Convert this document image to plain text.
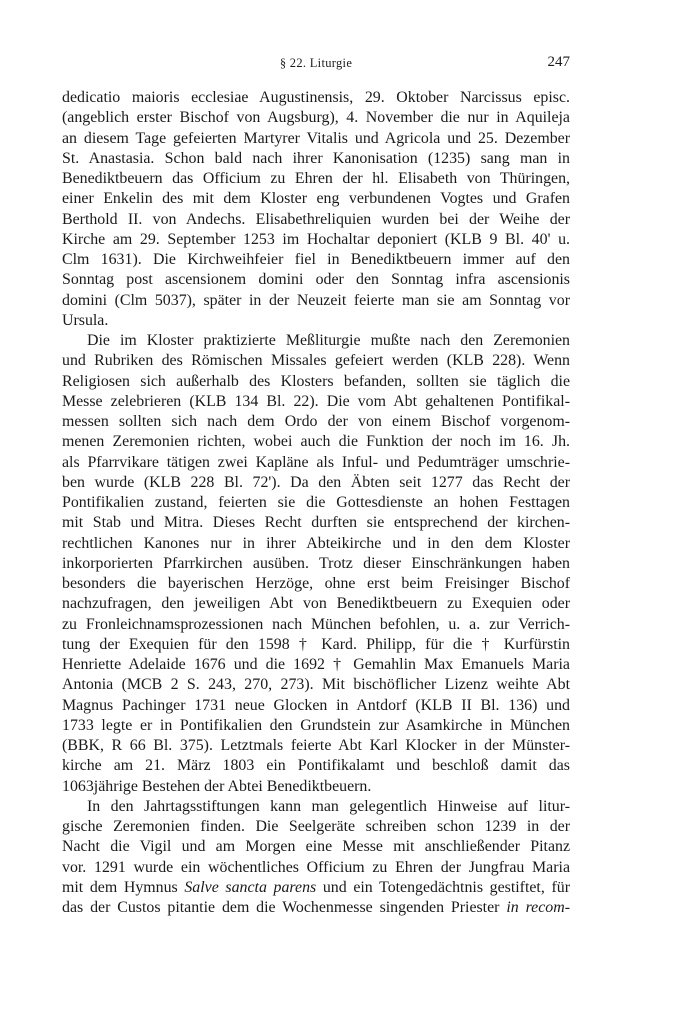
§ 22. Liturgie	247
dedicatio maioris ecclesiae Augustinensis, 29. Oktober Narcissus episc.
(angeblich erster Bischof von Augsburg), 4. November die nur in Aquileja
an diesem Tage gefeierten Martyrer Vitalis und Agricola und 25. Dezember
St. Anastasia. Schon bald nach ihrer Kanonisation (1235) sang man in
Benediktbeuern das Officium zu Ehren der hl. Elisabeth von Thüringen,
einer Enkelin des mit dem Kloster eng verbundenen Vogtes und Grafen
Berthold II. von Andechs. Elisabethreliquien wurden bei der Weihe der
Kirche am 29. September 1253 im Hochaltar deponiert (KLB 9 Bl. 40' u.
Clm 1631). Die Kirchweihfeier fiel in Benediktbeuern immer auf den
Sonntag post ascensionem domini oder den Sonntag infra ascensionis
domini (Clm 5037), später in der Neuzeit feierte man sie am Sonntag vor
Ursula.
Die im Kloster praktizierte Meßliturgie mußte nach den Zeremonien
und Rubriken des Römischen Missales gefeiert werden (KLB 228). Wenn
Religiosen sich außerhalb des Klosters befanden, sollten sie täglich die
Messe zelebrieren (KLB 134 Bl. 22). Die vom Abt gehaltenen Pontifikal-
messen sollten sich nach dem Ordo der von einem Bischof vorgenom-
menen Zeremonien richten, wobei auch die Funktion der noch im 16. Jh.
als Pfarrvikare tätigen zwei Kapläne als Inful- und Pedumträger umschrie-
ben wurde (KLB 228 Bl. 72'). Da den Äbten seit 1277 das Recht der
Pontifikalien zustand, feierten sie die Gottesdienste an hohen Festtagen
mit Stab und Mitra. Dieses Recht durften sie entsprechend der kirchen-
rechtlichen Kanones nur in ihrer Abteikirche und in den dem Kloster
inkorporierten Pfarrkirchen ausüben. Trotz dieser Einschränkungen haben
besonders die bayerischen Herzöge, ohne erst beim Freisinger Bischof
nachzufragen, den jeweiligen Abt von Benediktbeuern zu Exequien oder
zu Fronleichnamsprozessionen nach München befohlen, u. a. zur Verrich-
tung der Exequien für den 1598 † Kard. Philipp, für die † Kurfürstin
Henriette Adelaide 1676 und die 1692 † Gemahlin Max Emanuels Maria
Antonia (MCB 2 S. 243, 270, 273). Mit bischöflicher Lizenz weihte Abt
Magnus Pachinger 1731 neue Glocken in Antdorf (KLB II Bl. 136) und
1733 legte er in Pontifikalien den Grundstein zur Asamkirche in München
(BBK, R 66 Bl. 375). Letztmals feierte Abt Karl Klocker in der Münster-
kirche am 21. März 1803 ein Pontifikalamt und beschloß damit das
1063jährige Bestehen der Abtei Benediktbeuern.
In den Jahrtagsstiftungen kann man gelegentlich Hinweise auf litur-
gische Zeremonien finden. Die Seelgeräte schreiben schon 1239 in der
Nacht die Vigil und am Morgen eine Messe mit anschließender Pitanz
vor. 1291 wurde ein wöchentliches Officium zu Ehren der Jungfrau Maria
mit dem Hymnus Salve sancta parens und ein Totengedächtnis gestiftet, für
das der Custos pitantie dem die Wochenmesse singenden Priester in recom-
